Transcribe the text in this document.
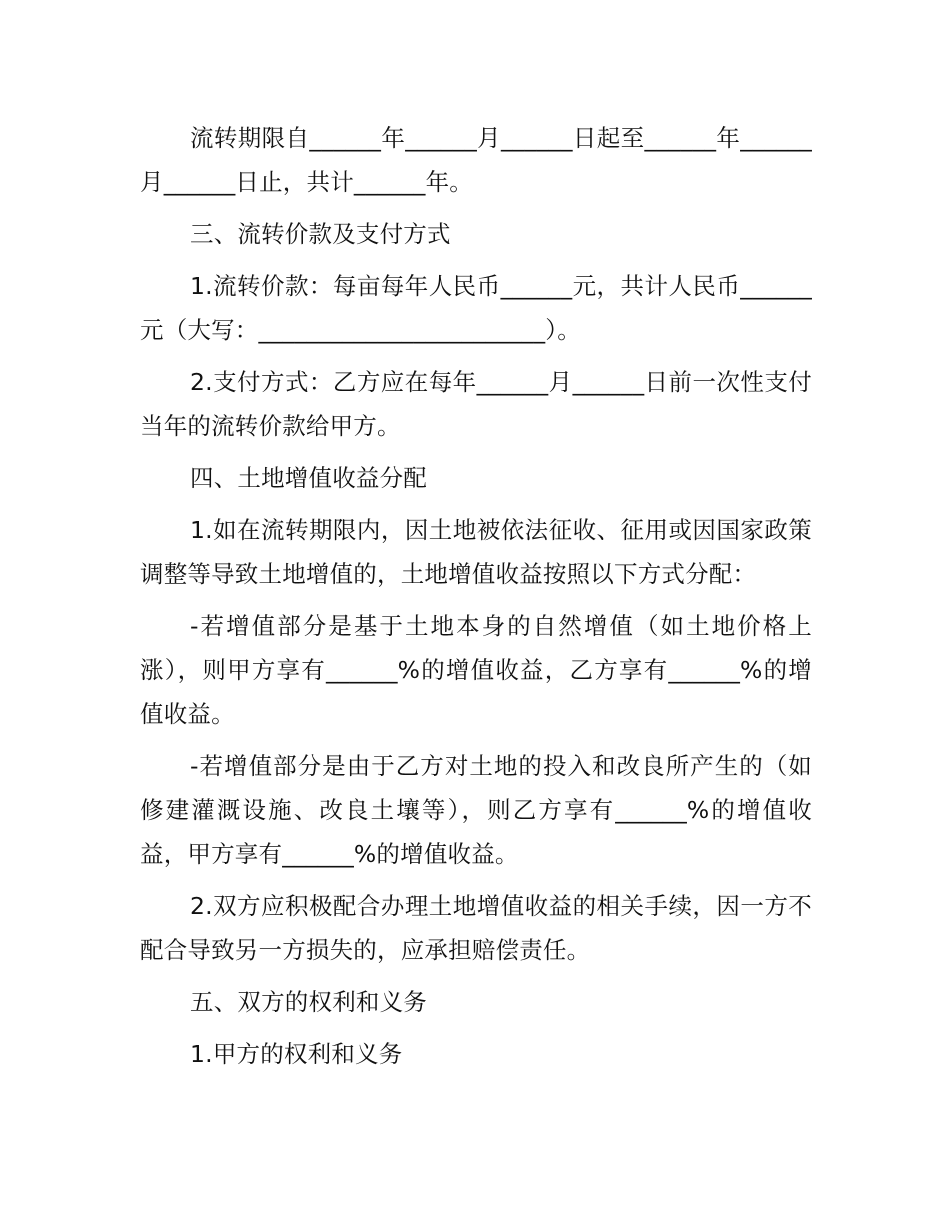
流转期限自______年______月______日起至______年______月______日止，共计______年。

三、流转价款及支付方式

1.流转价款：每亩每年人民币______元，共计人民币______元（大写：________________________）。

2.支付方式：乙方应在每年______月______日前一次性支付当年的流转价款给甲方。

四、土地增值收益分配

1.如在流转期限内，因土地被依法征收、征用或因国家政策调整等导致土地增值的，土地增值收益按照以下方式分配：

-若增值部分是基于土地本身的自然增值（如土地价格上涨），则甲方享有______%的增值收益，乙方享有______%的增值收益。

-若增值部分是由于乙方对土地的投入和改良所产生的（如修建灌溉设施、改良土壤等），则乙方享有______%的增值收益，甲方享有______%的增值收益。

2.双方应积极配合办理土地增值收益的相关手续，因一方不配合导致另一方损失的，应承担赔偿责任。

五、双方的权利和义务

1.甲方的权利和义务
